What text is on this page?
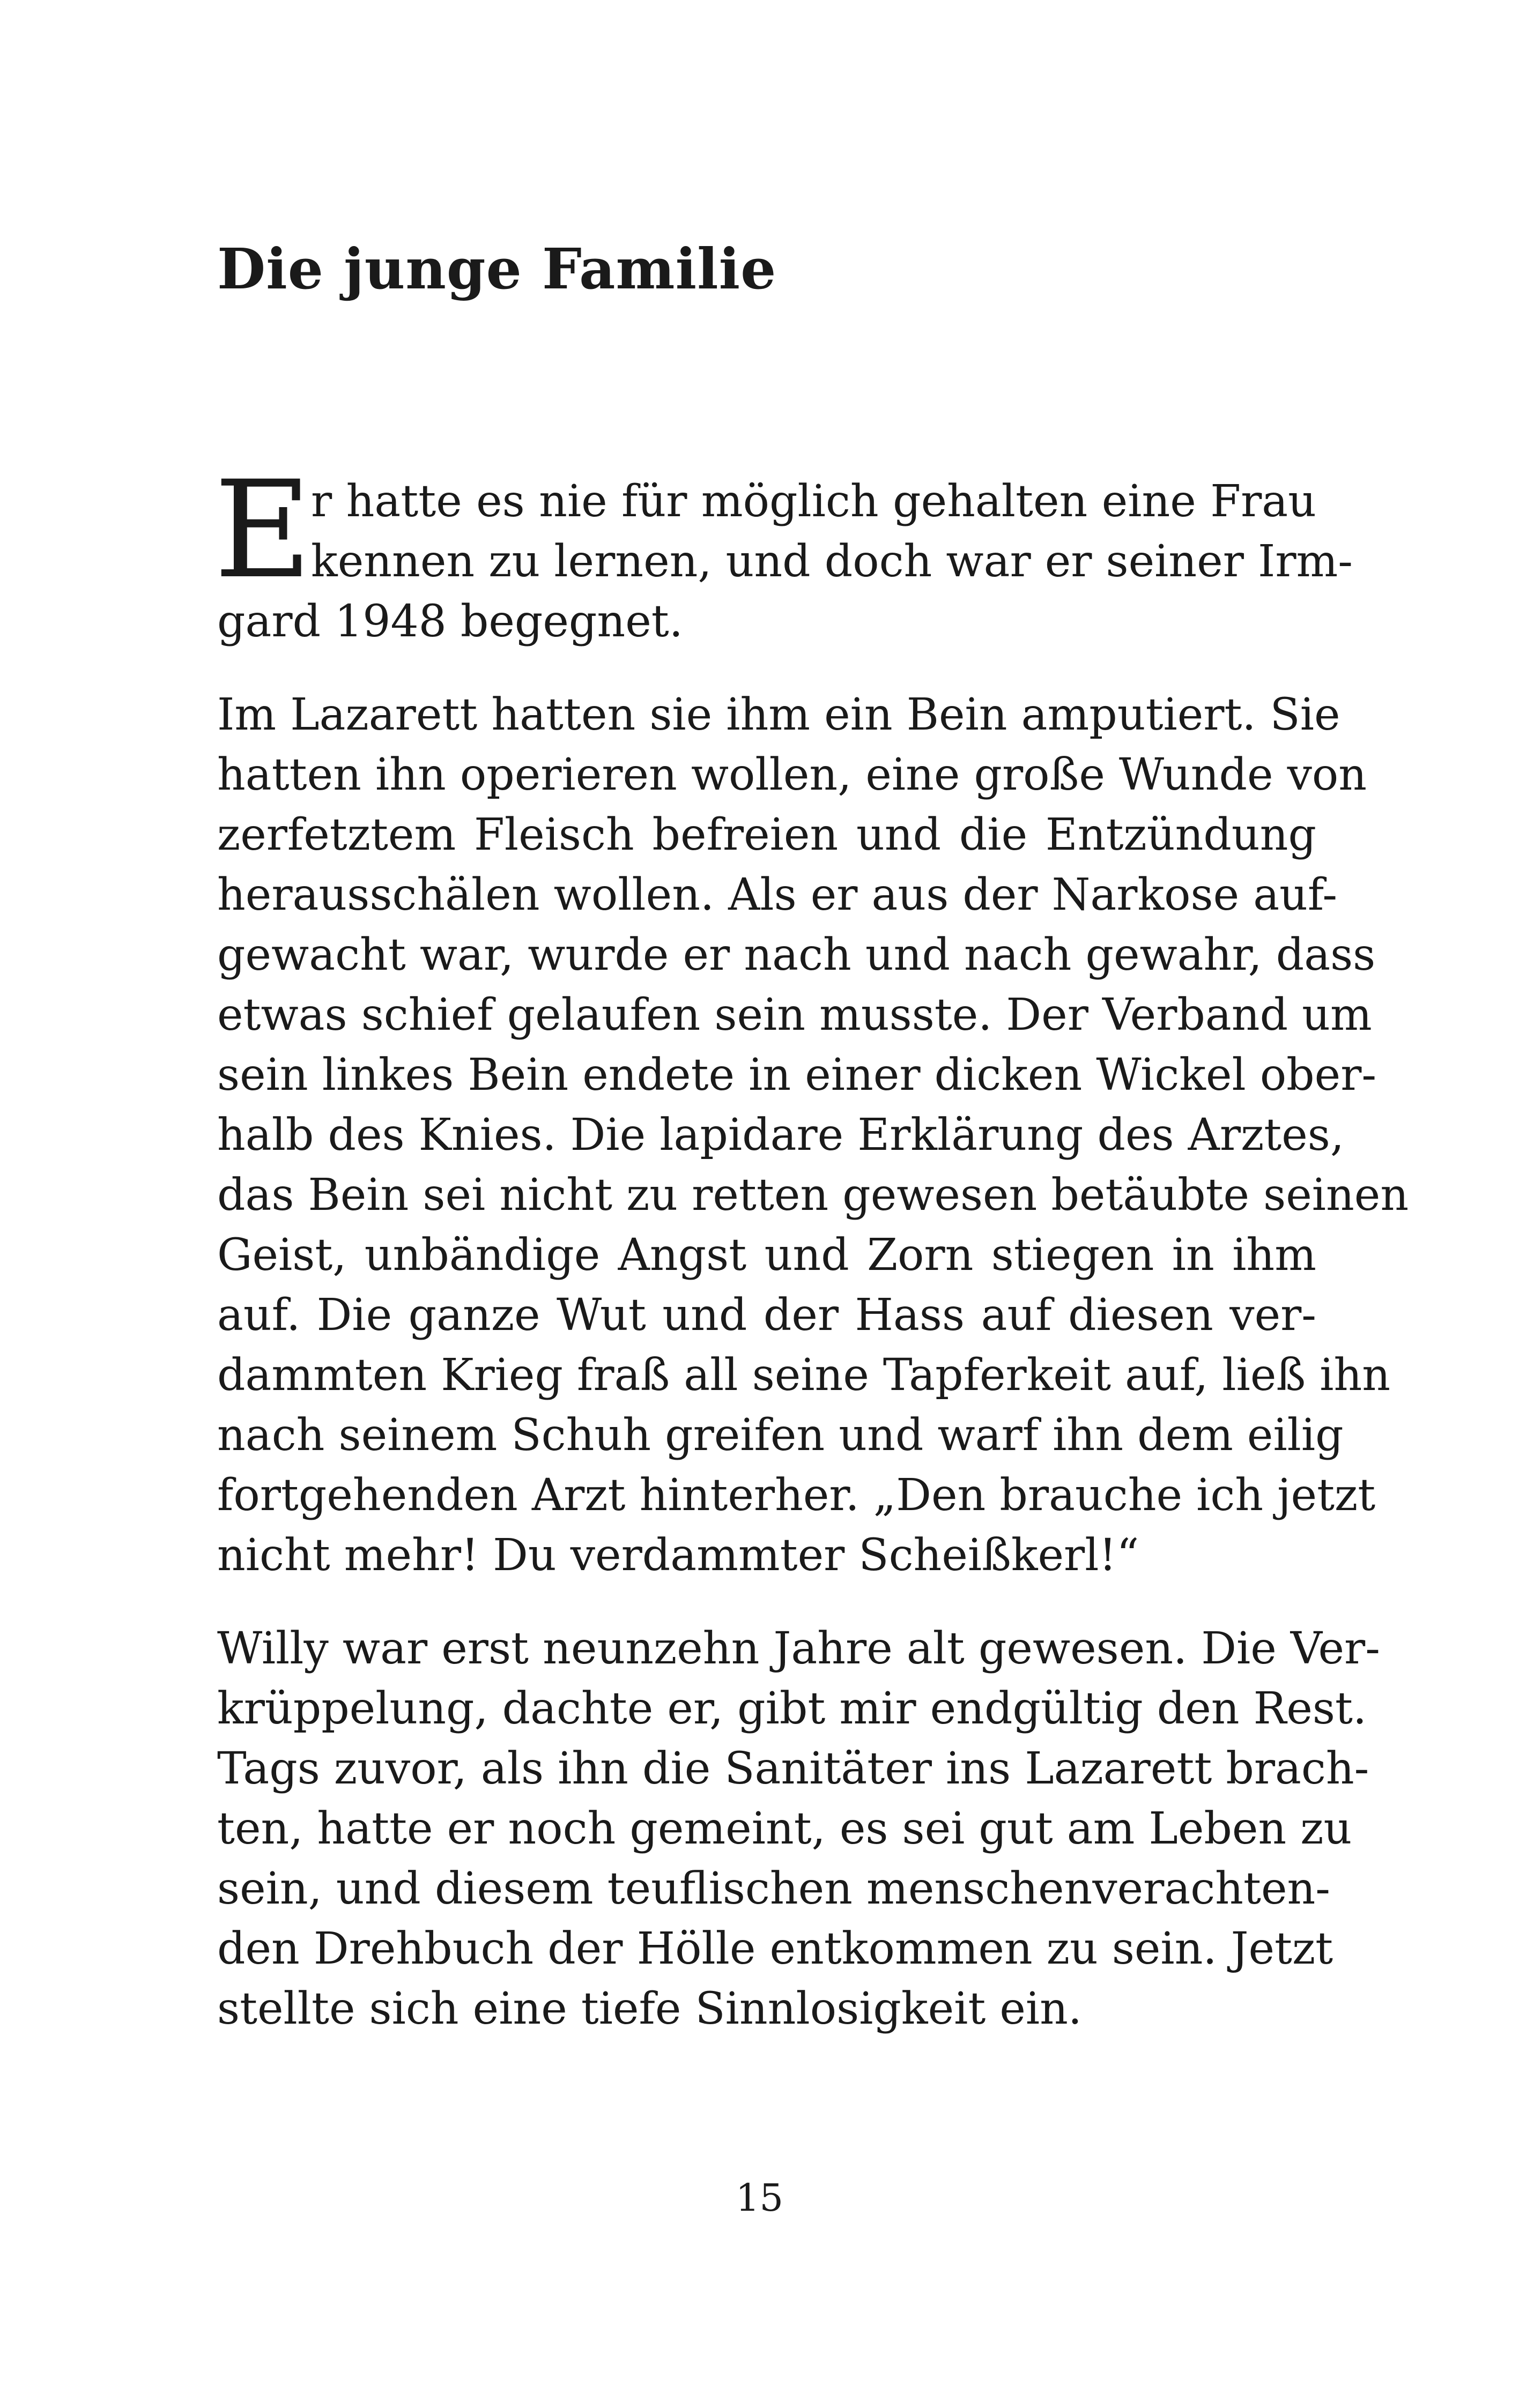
Die junge Familie
E
r hatte es nie für möglich gehalten eine Frau
kennen zu lernen, und doch war er seiner Irm-
gard 1948 begegnet.
Im Lazarett hatten sie ihm ein Bein amputiert. Sie
hatten ihn operieren wollen, eine große Wunde von
zerfetztem Fleisch befreien und die Entzündung
herausschälen wollen. Als er aus der Narkose auf-
gewacht war, wurde er nach und nach gewahr, dass
etwas schief gelaufen sein musste. Der Verband um
sein linkes Bein endete in einer dicken Wickel ober-
halb des Knies. Die lapidare Erklärung des Arztes,
das Bein sei nicht zu retten gewesen betäubte seinen
Geist, unbändige Angst und Zorn stiegen in ihm
auf. Die ganze Wut und der Hass auf diesen ver-
dammten Krieg fraß all seine Tapferkeit auf, ließ ihn
nach seinem Schuh greifen und warf ihn dem eilig
fortgehenden Arzt hinterher. „Den brauche ich jetzt
nicht mehr! Du verdammter Scheißkerl!“
Willy war erst neunzehn Jahre alt gewesen. Die Ver-
krüppelung, dachte er, gibt mir endgültig den Rest.
Tags zuvor, als ihn die Sanitäter ins Lazarett brach-
ten, hatte er noch gemeint, es sei gut am Leben zu
sein, und diesem teuflischen menschenverachten-
den Drehbuch der Hölle entkommen zu sein. Jetzt
stellte sich eine tiefe Sinnlosigkeit ein.
15
